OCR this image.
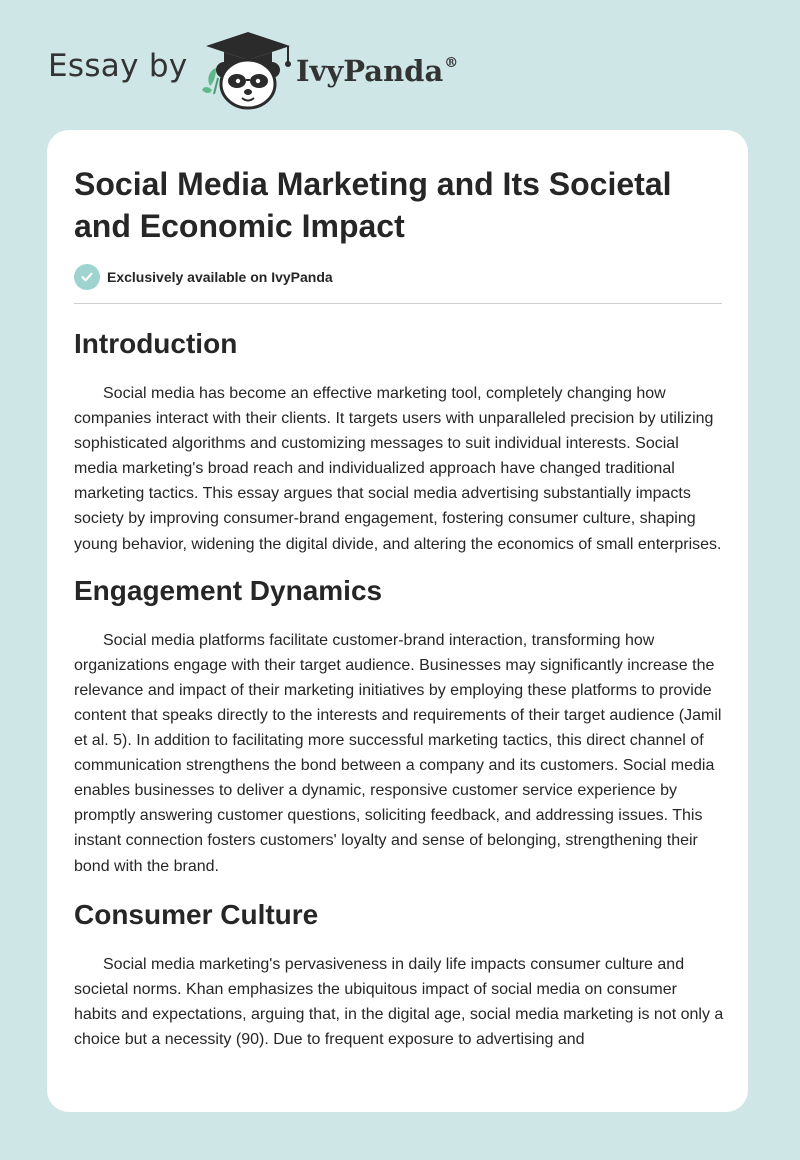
Essay by	IvyPanda®
Social Media Marketing and Its Societal and Economic Impact
Exclusively available on IvyPanda
Introduction

Social media has become an effective marketing tool, completely changing how companies interact with their clients. It targets users with unparalleled precision by utilizing sophisticated algorithms and customizing messages to suit individual interests. Social media marketing's broad reach and individualized approach have changed traditional marketing tactics. This essay argues that social media advertising substantially impacts society by improving consumer-brand engagement, fostering consumer culture, shaping young behavior, widening the digital divide, and altering the economics of small enterprises.

Engagement Dynamics

Social media platforms facilitate customer-brand interaction, transforming how organizations engage with their target audience. Businesses may significantly increase the relevance and impact of their marketing initiatives by employing these platforms to provide content that speaks directly to the interests and requirements of their target audience (Jamil et al. 5). In addition to facilitating more successful marketing tactics, this direct channel of communication strengthens the bond between a company and its customers. Social media enables businesses to deliver a dynamic, responsive customer service experience by promptly answering customer questions, soliciting feedback, and addressing issues. This instant connection fosters customers' loyalty and sense of belonging, strengthening their bond with the brand.

Consumer Culture

Social media marketing's pervasiveness in daily life impacts consumer culture and societal norms. Khan emphasizes the ubiquitous impact of social media on consumer habits and expectations, arguing that, in the digital age, social media marketing is not only a choice but a necessity (90). Due to frequent exposure to advertising and
